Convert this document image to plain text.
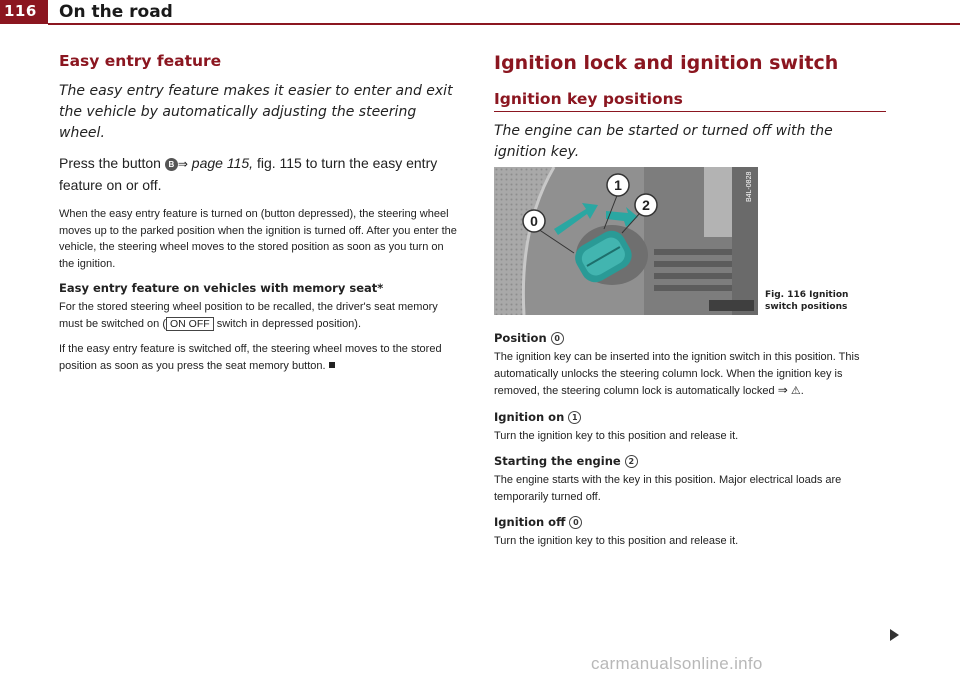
116 On the road
Easy entry feature

The easy entry feature makes it easier to enter and exit the vehicle by automatically adjusting the steering wheel.

Press the button B ⇒ page 115, fig. 115 to turn the easy entry feature on or off.

When the easy entry feature is turned on (button depressed), the steering wheel moves up to the parked position when the ignition is turned off. After you enter the vehicle, the steering wheel moves to the stored position as soon as you turn on the ignition.

Easy entry feature on vehicles with memory seat*

For the stored steering wheel position to be recalled, the driver's seat memory must be switched on ( ON OFF switch in depressed position).

If the easy entry feature is switched off, the steering wheel moves to the stored position as soon as you press the seat memory button.

Ignition lock and ignition switch
Ignition key positions

The engine can be started or turned off with the ignition key.

0
1
2
Fig. 116 Ignition switch positions
Position 0

The ignition key can be inserted into the ignition switch in this position. This automatically unlocks the steering column lock. When the ignition key is removed, the steering column lock is automatically locked ⇒ ⚠.

Ignition on 1

Turn the ignition key to this position and release it.

Starting the engine 2

The engine starts with the key in this position. Major electrical loads are temporarily turned off.

Ignition off 0

Turn the ignition key to this position and release it.

carmanualsonline.info
